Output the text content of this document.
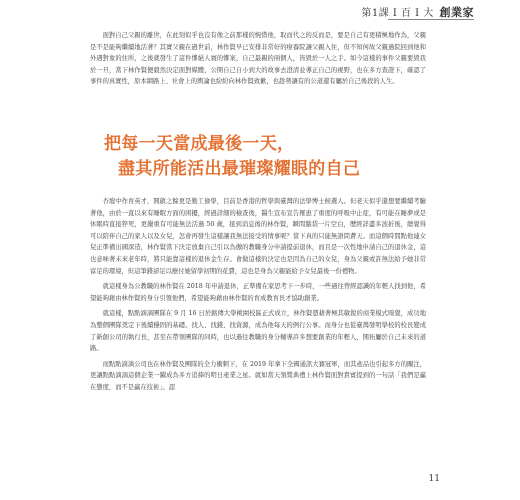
第1課 I 百 I 大 創業家

面對自己父親的離世，在此刻似乎也沒有像之前那樣的惋惜他，取而代之的反而是，要是自己有更積極地作為，父親是不是能夠繼續地活著？其實父親在過世前，林作賢早已安排非常好的療養院讓父親入住，但不知何故父親過院回到他和外遇對象的住所，之後就發生了這件慘絕人寰的慘案，自己最親的兩個人，皆毀於一人之手。如今這樣的事件父親要毀我於一旦，當下林作賢便毅然決定面對媒體，公開自己自小到大的故事去澄清並導正自己的視野，也在多方查證下，確認了事件的真實性，原本網路上、社會上的輿論也紛紛向林作賢致歉，也趁勢讓有的公道還有屬於自己後段的人生。

把每一天當成最後一天，
盡其所能活出最璀璨耀眼的自己

杏壇中作育英才，開啟之餘更是勤工儉學，目前是香港的哲學與臺灣的法學博士候選人。但老天似乎還想要繼續考驗著他，由於一直以來有睡眠方面的困擾，經過詳細的檢查後，醫生宣布宣告罹患了重度的呼吸中止症，有可能在睡夢或是休眠時直接猝死，更嚴重有可能無法活過 50 歲，接到消息後的林作賢，瞬間腦袋一片空白，歷經詳盡多波折後，總覺得可以陪伴自己的家人以及女兒，怎會再發生這樣讓我無法接受的情事呢？當下真的只能無語問蒼天。而這個時間點他連女兒正準備出國深造，林作賢當下決定放棄自己引以為傲的教職身分申請提前退休，而且是一次性地申請自己的退休金，這也意味著未來老年時，將只能靠這樣的退休金生存。會做這樣的決定也是因為自己的女兒，身為父親或許無法給予她非常富足的環境，但這筆錢卻足以應付她留學初期的花費，這也是身為父親能給予女兒最後一份禮物。

就這樣身為公教職的林作賢在 2018 年申請退休，正準備在家思考下一步時，一些過往曾經認識的年輕人找到他，希望能夠藉由林作賢的身分引領他們，希望能夠藉由林作賢的育成教育長才協助創業。

就這樣，點點滴滴團隊在 9 月 16 日於銘傳大學桃園校區正式成立，林作賢憑藉著極其敏銳的商業模式嗅覺，成功地為整個團隊奠定下後續穩固的基礎。找人、找錢、找資源，成為他每天的例行公事。而身分也從臺灣發明學校的校長變成了新創公司的執行長，甚至在帶領團隊的同時，也以過往教職的身分輔導許多想要創業的年輕人，開拓屬於自己未來的道路。

而點點滴滴公司也在林作賢及團隊的全力衝刺下，在 2019 年拿下全國通訊大賽冠軍，而其產品也引起多方的關注，更讓點點滴滴這個企業一躍成為多方追捧的明日產業之星。就如當天領獎典禮上林作賢面對貴賓提到的一句話「我們是贏在態度，而不是贏在技術」。認

11
